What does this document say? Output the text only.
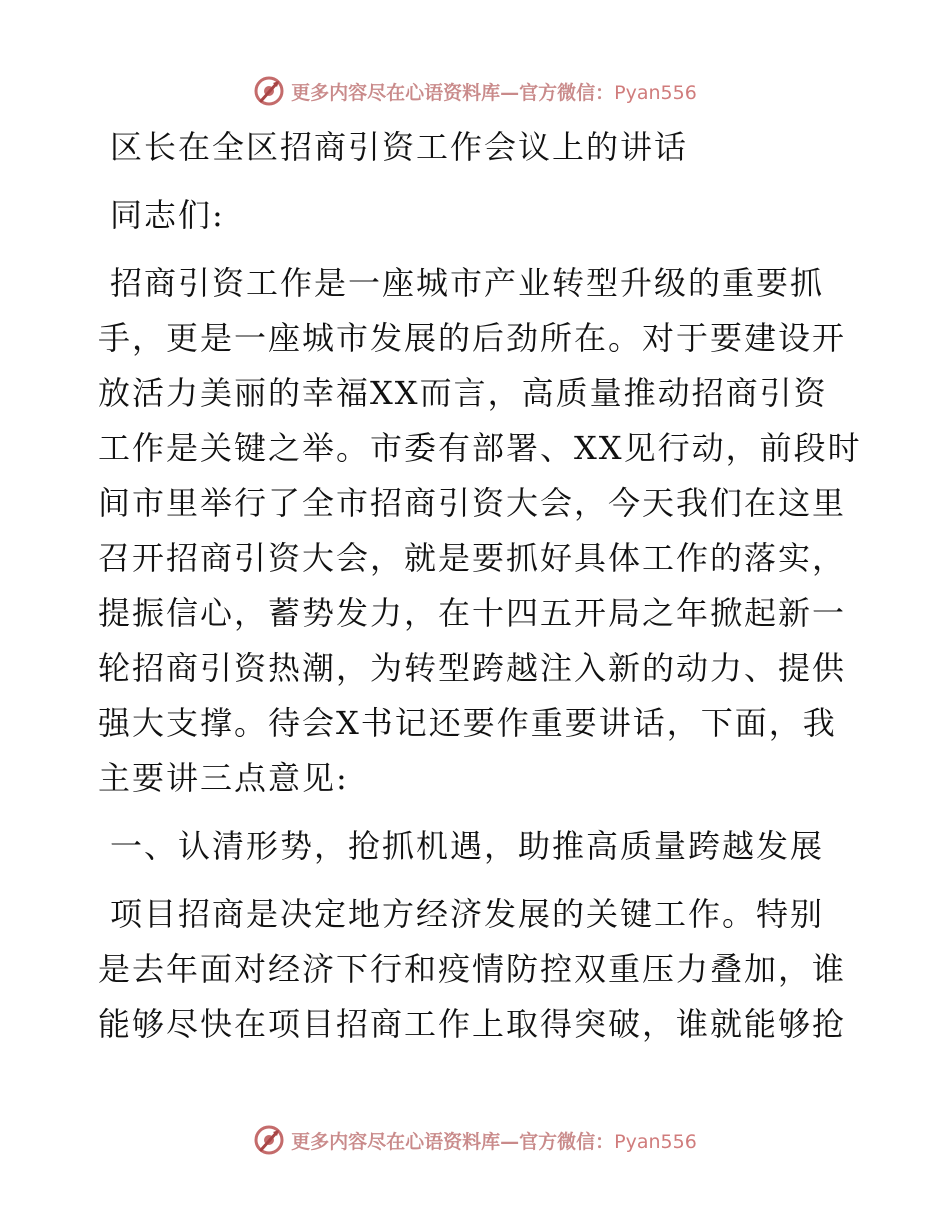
更多内容尽在心语资料库—官方微信：Pyan556
区长在全区招商引资工作会议上的讲话
同志们:
招商引资工作是一座城市产业转型升级的重要抓
手，更是一座城市发展的后劲所在。对于要建设开
放活力美丽的幸福XX而言，高质量推动招商引资
工作是关键之举。市委有部署、XX见行动，前段时
间市里举行了全市招商引资大会，今天我们在这里
召开招商引资大会，就是要抓好具体工作的落实，
提振信心，蓄势发力，在十四五开局之年掀起新一
轮招商引资热潮，为转型跨越注入新的动力、提供
强大支撑。待会X书记还要作重要讲话，下面，我
主要讲三点意见:
一、认清形势，抢抓机遇，助推高质量跨越发展
项目招商是决定地方经济发展的关键工作。特别
是去年面对经济下行和疫情防控双重压力叠加，谁
能够尽快在项目招商工作上取得突破，谁就能够抢
更多内容尽在心语资料库—官方微信：Pyan556
